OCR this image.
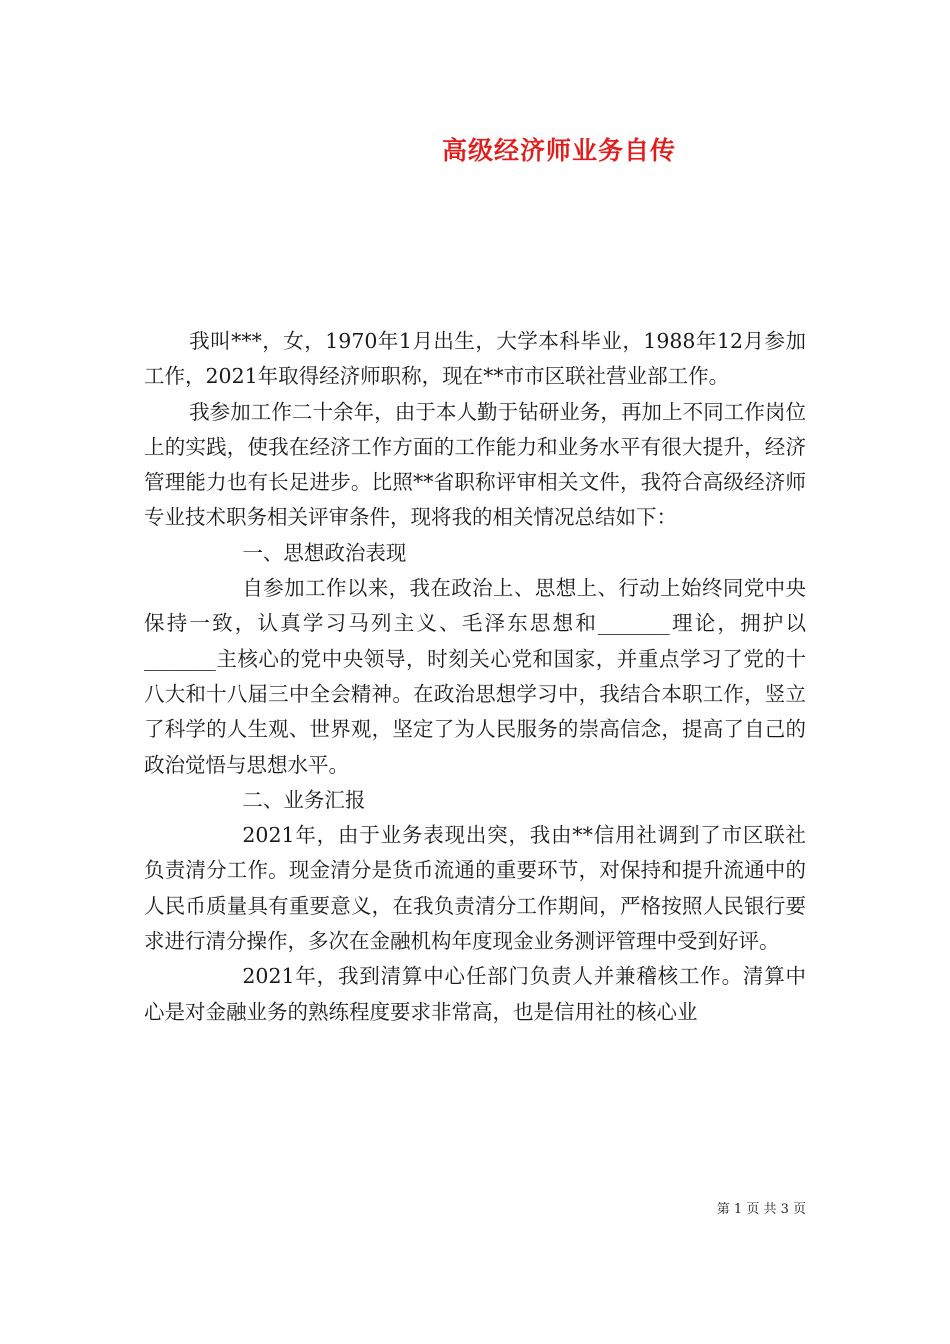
高级经济师业务自传

我叫***，女，1970年1月出生，大学本科毕业，1988年12月参加工作，2021年取得经济师职称，现在**市市区联社营业部工作。

我参加工作二十余年，由于本人勤于钻研业务，再加上不同工作岗位上的实践，使我在经济工作方面的工作能力和业务水平有很大提升，经济管理能力也有长足进步。比照**省职称评审相关文件，我符合高级经济师专业技术职务相关评审条件，现将我的相关情况总结如下：

一、思想政治表现

自参加工作以来，我在政治上、思想上、行动上始终同党中央保持一致，认真学习马列主义、毛泽东思想和_______理论，拥护以_______主核心的党中央领导，时刻关心党和国家，并重点学习了党的十八大和十八届三中全会精神。在政治思想学习中，我结合本职工作，竖立了科学的人生观、世界观，坚定了为人民服务的崇高信念，提高了自己的政治觉悟与思想水平。

二、业务汇报

2021年，由于业务表现出突，我由**信用社调到了市区联社负责清分工作。现金清分是货币流通的重要环节，对保持和提升流通中的人民币质量具有重要意义，在我负责清分工作期间，严格按照人民银行要求进行清分操作，多次在金融机构年度现金业务测评管理中受到好评。

2021年，我到清算中心任部门负责人并兼稽核工作。清算中心是对金融业务的熟练程度要求非常高，也是信用社的核心业

第 1 页 共 3 页
